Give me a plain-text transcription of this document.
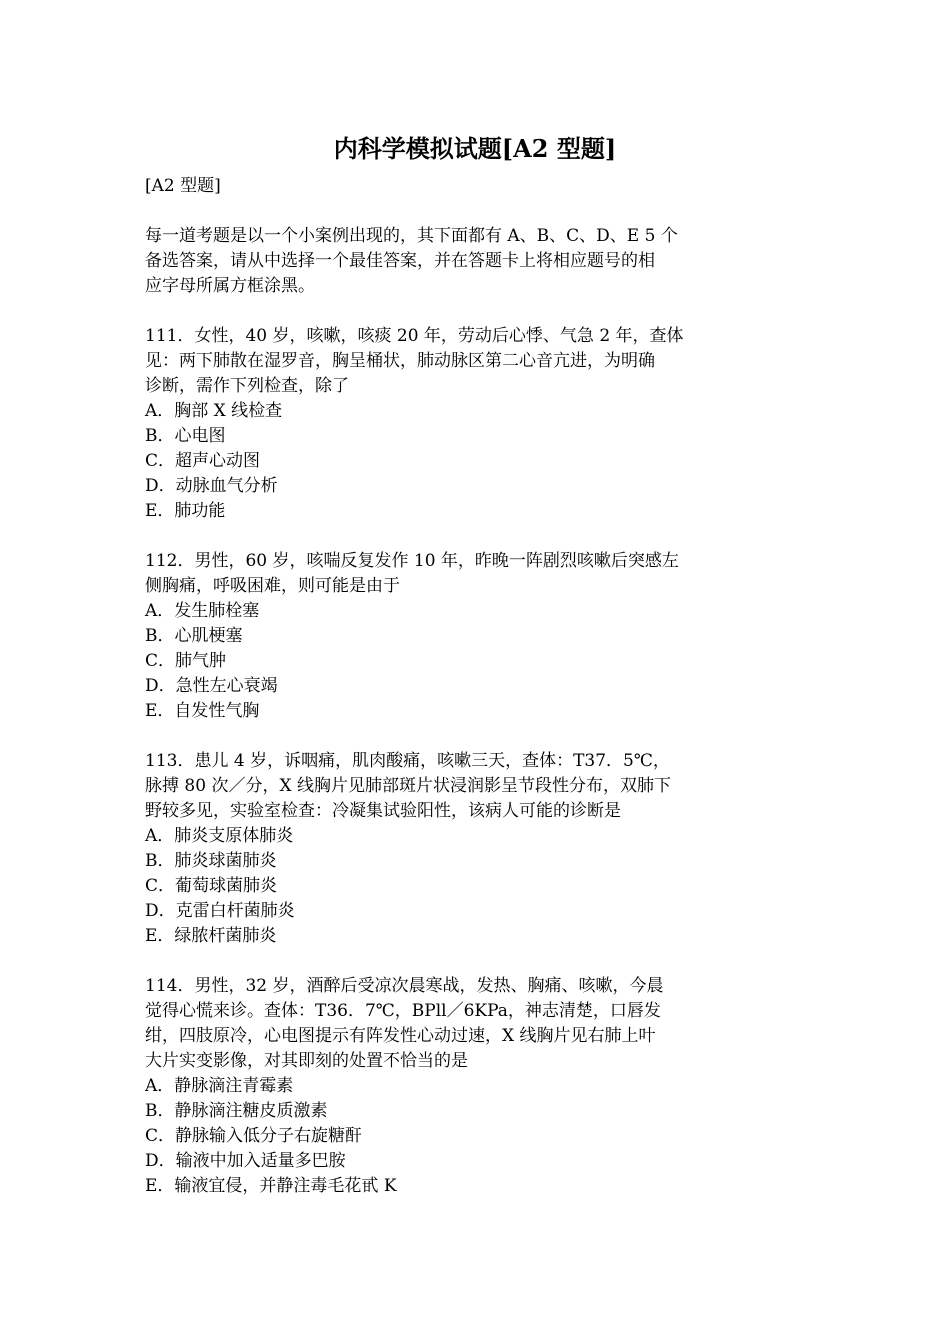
内科学模拟试题[A2 型题]
[A2 型题]
每一道考题是以一个小案例出现的，其下面都有 A、B、C、D、E 5 个
备选答案，请从中选择一个最佳答案，并在答题卡上将相应题号的相
应字母所属方框涂黑。
111．女性，40 岁，咳嗽，咳痰 20 年，劳动后心悸、气急 2 年，查体
见：两下肺散在湿罗音，胸呈桶状，肺动脉区第二心音亢进，为明确
诊断，需作下列检查，除了
A．胸部 X 线检查
B．心电图
C．超声心动图
D．动脉血气分析
E．肺功能
112．男性，60 岁，咳喘反复发作 10 年，昨晚一阵剧烈咳嗽后突感左
侧胸痛，呼吸困难，则可能是由于
A．发生肺栓塞
B．心肌梗塞
C．肺气肿
D．急性左心衰竭
E．自发性气胸
113．患儿 4 岁，诉咽痛，肌肉酸痛，咳嗽三天，查体：T37．5℃，
脉搏 80 次／分，X 线胸片见肺部斑片状浸润影呈节段性分布，双肺下
野较多见，实验室检查：冷凝集试验阳性，该病人可能的诊断是
A．肺炎支原体肺炎
B．肺炎球菌肺炎
C．葡萄球菌肺炎
D．克雷白杆菌肺炎
E．绿脓杆菌肺炎
114．男性，32 岁，酒醉后受凉次晨寒战，发热、胸痛、咳嗽，今晨
觉得心慌来诊。查体：T36．7℃，BPll／6KPa，神志清楚，口唇发
绀，四肢原冷，心电图提示有阵发性心动过速，X 线胸片见右肺上叶
大片实变影像，对其即刻的处置不恰当的是
A．静脉滴注青霉素
B．静脉滴注糖皮质激素
C．静脉输入低分子右旋糖酐
D．输液中加入适量多巴胺
E．输液宜侵，并静注毒毛花甙 K
